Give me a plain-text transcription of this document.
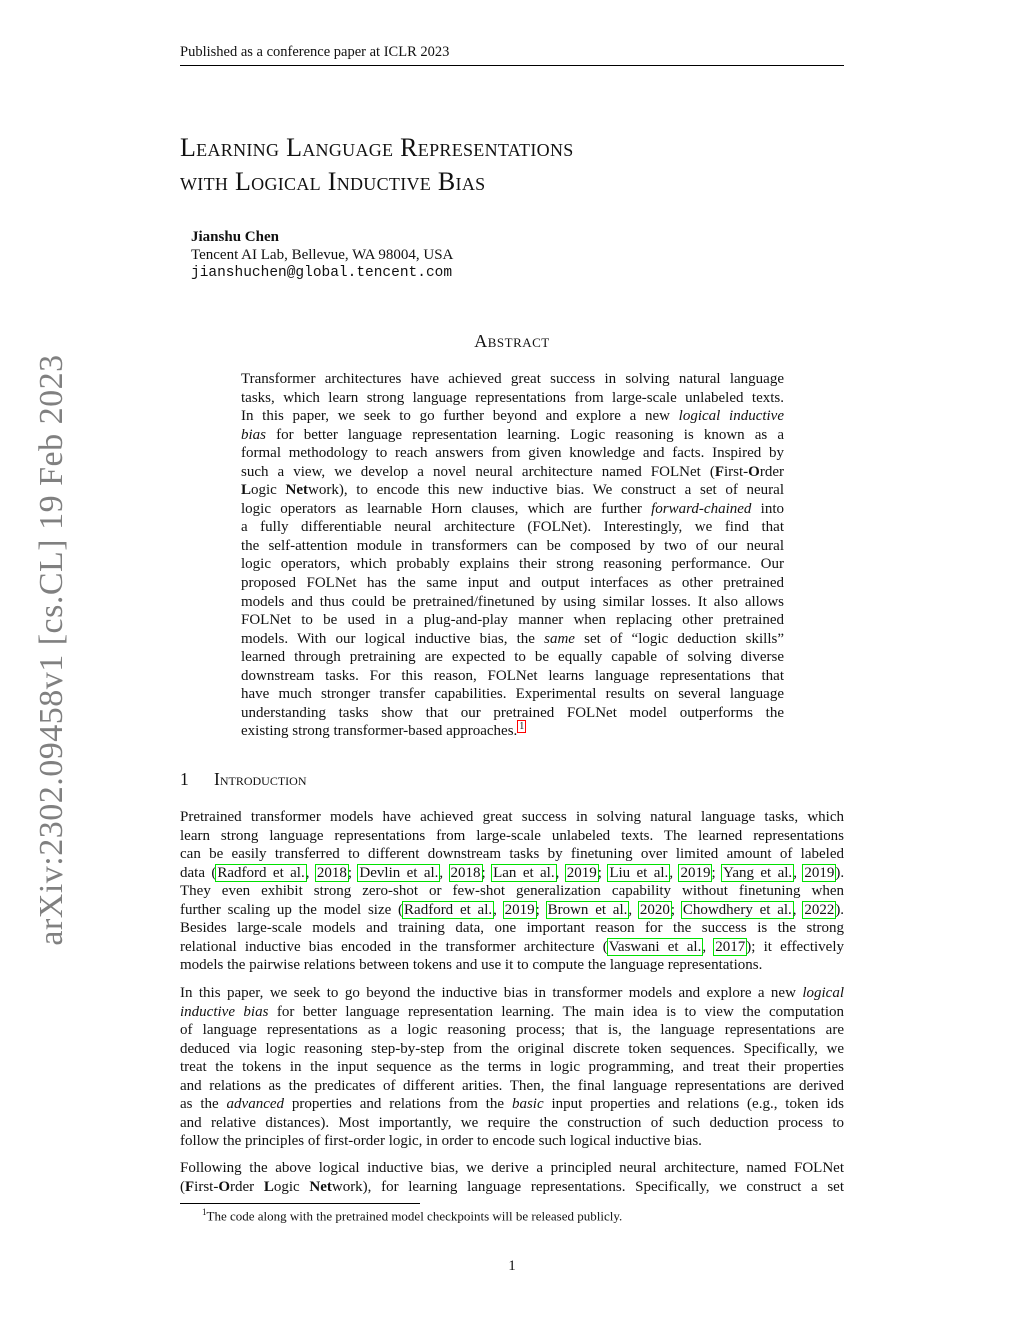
Published as a conference paper at ICLR 2023
Learning Language Representations
with Logical Inductive Bias
Jianshu Chen
Tencent AI Lab, Bellevue, WA 98004, USA
jianshuchen@global.tencent.com
Abstract
Transformer architectures have achieved great success in solving natural language
tasks, which learn strong language representations from large-scale unlabeled texts.
In this paper, we seek to go further beyond and explore a new logical inductive
bias for better language representation learning. Logic reasoning is known as a
formal methodology to reach answers from given knowledge and facts. Inspired by
such a view, we develop a novel neural architecture named FOLNet (First-Order
Logic Network), to encode this new inductive bias. We construct a set of neural
logic operators as learnable Horn clauses, which are further forward-chained into
a fully differentiable neural architecture (FOLNet). Interestingly, we find that
the self-attention module in transformers can be composed by two of our neural
logic operators, which probably explains their strong reasoning performance. Our
proposed FOLNet has the same input and output interfaces as other pretrained
models and thus could be pretrained/finetuned by using similar losses. It also allows
FOLNet to be used in a plug-and-play manner when replacing other pretrained
models. With our logical inductive bias, the same set of “logic deduction skills”
learned through pretraining are expected to be equally capable of solving diverse
downstream tasks. For this reason, FOLNet learns language representations that
have much stronger transfer capabilities. Experimental results on several language
understanding tasks show that our pretrained FOLNet model outperforms the
existing strong transformer-based approaches. $^1$
1 Introduction
Pretrained transformer models have achieved great success in solving natural language tasks, which
learn strong language representations from large-scale unlabeled texts. The learned representations
can be easily transferred to different downstream tasks by finetuning over limited amount of labeled
data (Radford et al., 2018; Devlin et al., 2018; Lan et al., 2019; Liu et al., 2019; Yang et al., 2019).
They even exhibit strong zero-shot or few-shot generalization capability without finetuning when
further scaling up the model size (Radford et al., 2019; Brown et al., 2020; Chowdhery et al., 2022).
Besides large-scale models and training data, one important reason for the success is the strong
relational inductive bias encoded in the transformer architecture (Vaswani et al., 2017); it effectively
models the pairwise relations between tokens and use it to compute the language representations.
In this paper, we seek to go beyond the inductive bias in transformer models and explore a new logical
inductive bias for better language representation learning. The main idea is to view the computation
of language representations as a logic reasoning process; that is, the language representations are
deduced via logic reasoning step-by-step from the original discrete token sequences. Specifically, we
treat the tokens in the input sequence as the terms in logic programming, and treat their properties
and relations as the predicates of different arities. Then, the final language representations are derived
as the advanced properties and relations from the basic input properties and relations (e.g., token ids
and relative distances). Most importantly, we require the construction of such deduction process to
follow the principles of first-order logic, in order to encode such logical inductive bias.
Following the above logical inductive bias, we derive a principled neural architecture, named FOLNet
(First-Order Logic Network), for learning language representations. Specifically, we construct a set
$^1$The code along with the pretrained model checkpoints will be released publicly.
1
arXiv:2302.09458v1 [cs.CL] 19 Feb 2023
